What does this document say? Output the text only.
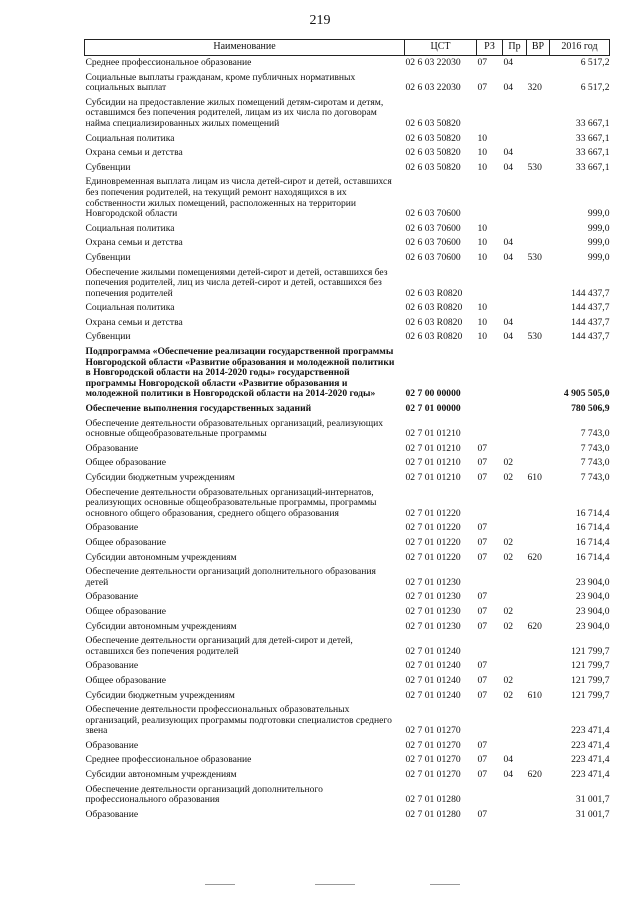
219
Наименование	ЦСТ	РЗ	Пр	ВР	2016 год
Среднее профессиональное образование	02 6 03 22030	07	04		6 517,2
Социальные выплаты гражданам, кроме публичных нормативных социальных выплат	02 6 03 22030	07	04	320	6 517,2
Субсидии на предоставление жилых помещений детям-сиротам и детям, оставшимся без попечения родителей, лицам из их числа по договорам найма специализированных жилых помещений	02 6 03 50820				33 667,1
Социальная политика	02 6 03 50820	10			33 667,1
Охрана семьи и детства	02 6 03 50820	10	04		33 667,1
Субвенции	02 6 03 50820	10	04	530	33 667,1
Единовременная выплата лицам из числа детей-сирот и детей, оставшихся без попечения родителей, на текущий ремонт находящихся в их собственности жилых помещений, расположенных на территории Новгородской области	02 6 03 70600				999,0
Социальная политика	02 6 03 70600	10			999,0
Охрана семьи и детства	02 6 03 70600	10	04		999,0
Субвенции	02 6 03 70600	10	04	530	999,0
Обеспечение жилыми помещениями детей-сирот и детей, оставшихся без попечения родителей, лиц из числа детей-сирот и детей, оставшихся без попечения родителей	02 6 03 R0820				144 437,7
Социальная политика	02 6 03 R0820	10			144 437,7
Охрана семьи и детства	02 6 03 R0820	10	04		144 437,7
Субвенции	02 6 03 R0820	10	04	530	144 437,7
Подпрограмма «Обеспечение реализации государственной программы Новгородской области «Развитие образования и молодежной политики в Новгородской области на 2014-2020 годы» государственной программы Новгородской области «Развитие образования и молодежной политики в Новгородской области на 2014-2020 годы»	02 7 00 00000				4 905 505,0
Обеспечение выполнения государственных заданий	02 7 01 00000				780 506,9
Обеспечение деятельности образовательных организаций, реализующих основные общеобразовательные программы	02 7 01 01210				7 743,0
Образование	02 7 01 01210	07			7 743,0
Общее образование	02 7 01 01210	07	02		7 743,0
Субсидии бюджетным учреждениям	02 7 01 01210	07	02	610	7 743,0
Обеспечение деятельности образовательных организаций-интернатов, реализующих основные общеобразовательные программы, программы основного общего образования, среднего общего образования	02 7 01 01220				16 714,4
Образование	02 7 01 01220	07			16 714,4
Общее образование	02 7 01 01220	07	02		16 714,4
Субсидии автономным учреждениям	02 7 01 01220	07	02	620	16 714,4
Обеспечение деятельности организаций дополнительного образования детей	02 7 01 01230				23 904,0
Образование	02 7 01 01230	07			23 904,0
Общее образование	02 7 01 01230	07	02		23 904,0
Субсидии автономным учреждениям	02 7 01 01230	07	02	620	23 904,0
Обеспечение деятельности организаций для детей-сирот и детей, оставшихся без попечения родителей	02 7 01 01240				121 799,7
Образование	02 7 01 01240	07			121 799,7
Общее образование	02 7 01 01240	07	02		121 799,7
Субсидии бюджетным учреждениям	02 7 01 01240	07	02	610	121 799,7
Обеспечение деятельности профессиональных образовательных организаций, реализующих программы подготовки специалистов среднего звена	02 7 01 01270				223 471,4
Образование	02 7 01 01270	07			223 471,4
Среднее профессиональное образование	02 7 01 01270	07	04		223 471,4
Субсидии автономным учреждениям	02 7 01 01270	07	04	620	223 471,4
Обеспечение деятельности организаций дополнительного профессионального образования	02 7 01 01280				31 001,7
Образование	02 7 01 01280	07			31 001,7
